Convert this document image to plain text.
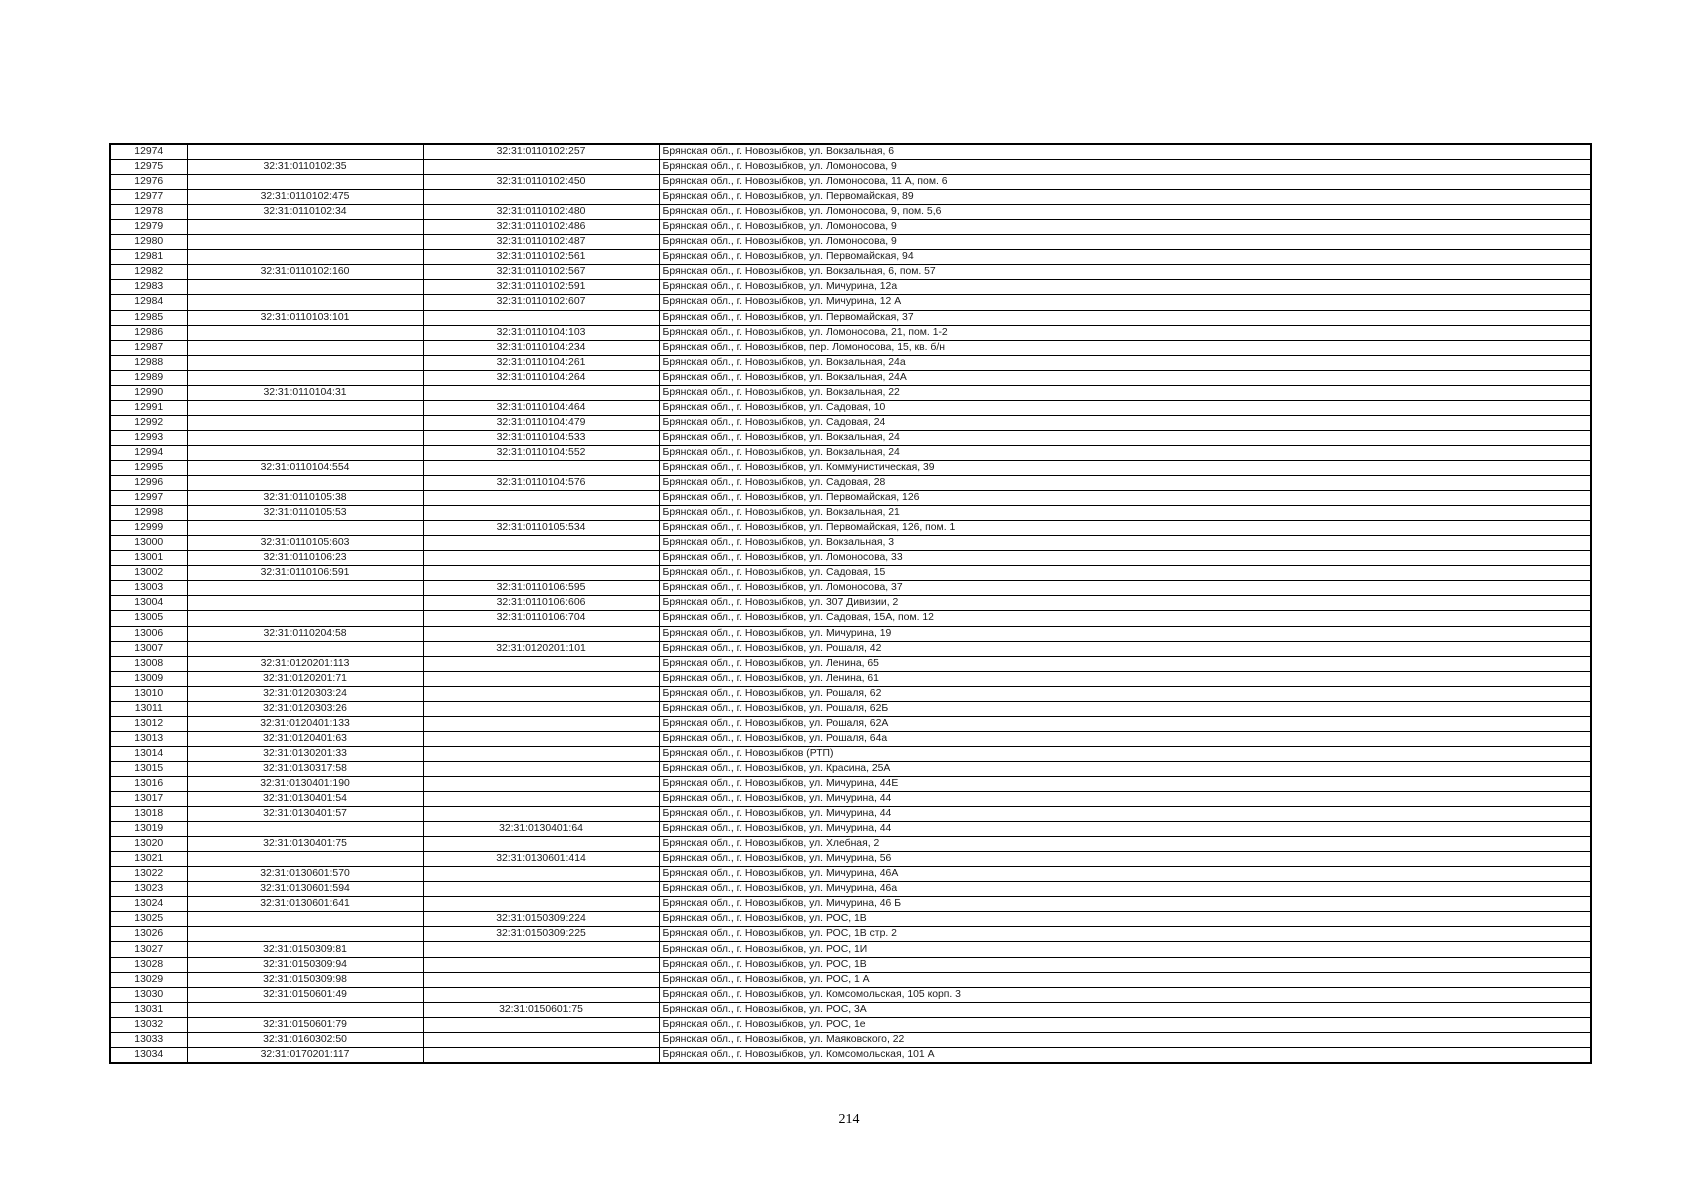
12974		32:31:0110102:257	Брянская обл., г. Новозыбков, ул. Вокзальная, 6
12975	32:31:0110102:35		Брянская обл., г. Новозыбков, ул. Ломоносова, 9
12976		32:31:0110102:450	Брянская обл., г. Новозыбков, ул. Ломоносова, 11 А, пом. 6
12977	32:31:0110102:475		Брянская обл., г. Новозыбков, ул. Первомайская, 89
12978	32:31:0110102:34	32:31:0110102:480	Брянская обл., г. Новозыбков, ул. Ломоносова, 9, пом. 5,6
12979		32:31:0110102:486	Брянская обл., г. Новозыбков, ул. Ломоносова, 9
12980		32:31:0110102:487	Брянская обл., г. Новозыбков, ул. Ломоносова, 9
12981		32:31:0110102:561	Брянская обл., г. Новозыбков, ул. Первомайская, 94
12982	32:31:0110102:160	32:31:0110102:567	Брянская обл., г. Новозыбков, ул. Вокзальная, 6, пом. 57
12983		32:31:0110102:591	Брянская обл., г. Новозыбков, ул. Мичурина, 12а
12984		32:31:0110102:607	Брянская обл., г. Новозыбков, ул. Мичурина, 12 А
12985	32:31:0110103:101		Брянская обл., г. Новозыбков, ул. Первомайская, 37
12986		32:31:0110104:103	Брянская обл., г. Новозыбков, ул. Ломоносова, 21, пом. 1-2
12987		32:31:0110104:234	Брянская обл., г. Новозыбков, пер. Ломоносова, 15, кв. б/н
12988		32:31:0110104:261	Брянская обл., г. Новозыбков, ул. Вокзальная, 24а
12989		32:31:0110104:264	Брянская обл., г. Новозыбков, ул. Вокзальная, 24А
12990	32:31:0110104:31		Брянская обл., г. Новозыбков, ул. Вокзальная, 22
12991		32:31:0110104:464	Брянская обл., г. Новозыбков, ул. Садовая, 10
12992		32:31:0110104:479	Брянская обл., г. Новозыбков, ул. Садовая, 24
12993		32:31:0110104:533	Брянская обл., г. Новозыбков, ул. Вокзальная, 24
12994		32:31:0110104:552	Брянская обл., г. Новозыбков, ул. Вокзальная, 24
12995	32:31:0110104:554		Брянская обл., г. Новозыбков, ул. Коммунистическая, 39
12996		32:31:0110104:576	Брянская обл., г. Новозыбков, ул. Садовая, 28
12997	32:31:0110105:38		Брянская обл., г. Новозыбков, ул. Первомайская, 126
12998	32:31:0110105:53		Брянская обл., г. Новозыбков, ул. Вокзальная, 21
12999		32:31:0110105:534	Брянская обл., г. Новозыбков, ул. Первомайская, 126, пом. 1
13000	32:31:0110105:603		Брянская обл., г. Новозыбков, ул. Вокзальная, 3
13001	32:31:0110106:23		Брянская обл., г. Новозыбков, ул. Ломоносова, 33
13002	32:31:0110106:591		Брянская обл., г. Новозыбков, ул. Садовая, 15
13003		32:31:0110106:595	Брянская обл., г. Новозыбков, ул. Ломоносова, 37
13004		32:31:0110106:606	Брянская обл., г. Новозыбков, ул. 307 Дивизии, 2
13005		32:31:0110106:704	Брянская обл., г. Новозыбков, ул. Садовая, 15А, пом. 12
13006	32:31:0110204:58		Брянская обл., г. Новозыбков, ул. Мичурина, 19
13007		32:31:0120201:101	Брянская обл., г. Новозыбков, ул. Рошаля, 42
13008	32:31:0120201:113		Брянская обл., г. Новозыбков, ул. Ленина, 65
13009	32:31:0120201:71		Брянская обл., г. Новозыбков, ул. Ленина, 61
13010	32:31:0120303:24		Брянская обл., г. Новозыбков, ул. Рошаля, 62
13011	32:31:0120303:26		Брянская обл., г. Новозыбков, ул. Рошаля, 62Б
13012	32:31:0120401:133		Брянская обл., г. Новозыбков, ул. Рошаля, 62А
13013	32:31:0120401:63		Брянская обл., г. Новозыбков, ул. Рошаля, 64а
13014	32:31:0130201:33		Брянская обл., г. Новозыбков (РТП)
13015	32:31:0130317:58		Брянская обл., г. Новозыбков, ул. Красина, 25А
13016	32:31:0130401:190		Брянская обл., г. Новозыбков, ул. Мичурина, 44Е
13017	32:31:0130401:54		Брянская обл., г. Новозыбков, ул. Мичурина, 44
13018	32:31:0130401:57		Брянская обл., г. Новозыбков, ул. Мичурина, 44
13019		32:31:0130401:64	Брянская обл., г. Новозыбков, ул. Мичурина, 44
13020	32:31:0130401:75		Брянская обл., г. Новозыбков, ул. Хлебная, 2
13021		32:31:0130601:414	Брянская обл., г. Новозыбков, ул. Мичурина, 56
13022	32:31:0130601:570		Брянская обл., г. Новозыбков, ул. Мичурина, 46А
13023	32:31:0130601:594		Брянская обл., г. Новозыбков, ул. Мичурина, 46а
13024	32:31:0130601:641		Брянская обл., г. Новозыбков, ул. Мичурина, 46 Б
13025		32:31:0150309:224	Брянская обл., г. Новозыбков, ул. РОС, 1В
13026		32:31:0150309:225	Брянская обл., г. Новозыбков, ул. РОС, 1В стр. 2
13027	32:31:0150309:81		Брянская обл., г. Новозыбков, ул. РОС, 1И
13028	32:31:0150309:94		Брянская обл., г. Новозыбков, ул. РОС, 1В
13029	32:31:0150309:98		Брянская обл., г. Новозыбков, ул. РОС, 1 А
13030	32:31:0150601:49		Брянская обл., г. Новозыбков, ул. Комсомольская, 105 корп. 3
13031		32:31:0150601:75	Брянская обл., г. Новозыбков, ул. РОС, 3А
13032	32:31:0150601:79		Брянская обл., г. Новозыбков, ул. РОС, 1е
13033	32:31:0160302:50		Брянская обл., г. Новозыбков, ул. Маяковского, 22
13034	32:31:0170201:117		Брянская обл., г. Новозыбков, ул. Комсомольская, 101 А
214
